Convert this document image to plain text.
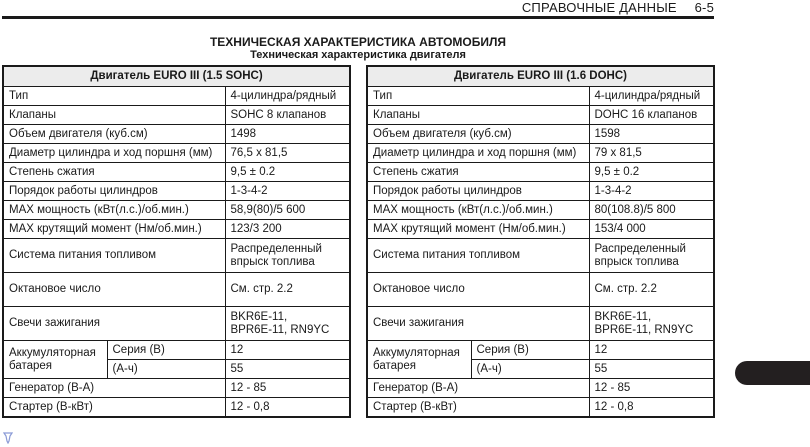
СПРАВОЧНЫЕ ДАННЫЕ 6-5
ТЕХНИЧЕСКАЯ ХАРАКТЕРИСТИКА АВТОМОБИЛЯ
Техническая характеристика двигателя
Двигатель EURO III (1.5 SOHC)		
Тип		4-цилиндра/рядный
Клапаны		SOHC 8 клапанов
Объем двигателя (куб.см)		1498
Диаметр цилиндра и ход поршня (мм)		76,5 x 81,5
Степень сжатия		9,5 ± 0.2
Порядок работы цилиндров		1-3-4-2
MAX мощность (кВт(л.с.)/об.мин.)		58,9(80)/5 600
MAX крутящий момент (Нм/об.мин.)		123/3 200
Система питания топливом		Распределенный
впрыск топлива
Октановое число		См. стр. 2.2
Свечи зажигания		BKR6E-11,
BPR6E-11, RN9YC
Аккумуляторная
батарея	Серия (В)	12
	(А-ч)	55
Генератор (В-А)		12 - 85
Стартер (В-кВт)		12 - 0,8
Двигатель EURO III (1.6 DOHC)		
Тип		4-цилиндра/рядный
Клапаны		DOHC 16 клапанов
Объем двигателя (куб.см)		1598
Диаметр цилиндра и ход поршня (мм)		79 x 81,5
Степень сжатия		9,5 ± 0.2
Порядок работы цилиндров		1-3-4-2
MAX мощность (кВт(л.с.)/об.мин.)		80(108.8)/5 800
MAX крутящий момент (Нм/об.мин.)		153/4 000
Система питания топливом		Распределенный
впрыск топлива
Октановое число		См. стр. 2.2
Свечи зажигания		BKR6E-11,
BPR6E-11, RN9YC
Аккумуляторная
батарея	Серия (В)	12
	(А-ч)	55
Генератор (В-А)		12 - 85
Стартер (В-кВт)		12 - 0,8
